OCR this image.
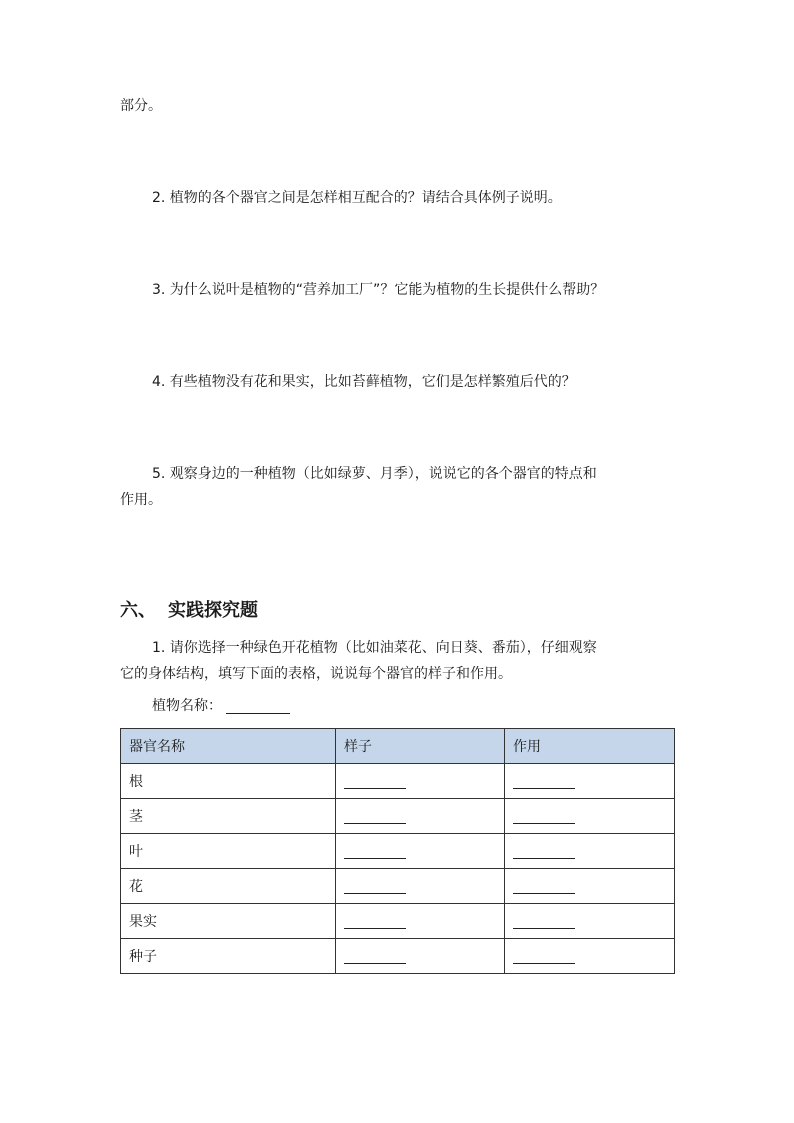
部分。
2. 植物的各个器官之间是怎样相互配合的？请结合具体例子说明。
3. 为什么说叶是植物的“营养加工厂”？它能为植物的生长提供什么帮助？
4. 有些植物没有花和果实，比如苔藓植物，它们是怎样繁殖后代的？
5. 观察身边的一种植物（比如绿萝、月季），说说它的各个器官的特点和
作用。
六、 实践探究题
1. 请你选择一种绿色开花植物（比如油菜花、向日葵、番茄），仔细观察
它的身体结构，填写下面的表格，说说每个器官的样子和作用。
植物名称：
器官名称	样子	作用
根		
茎		
叶		
花		
果实		
种子		
